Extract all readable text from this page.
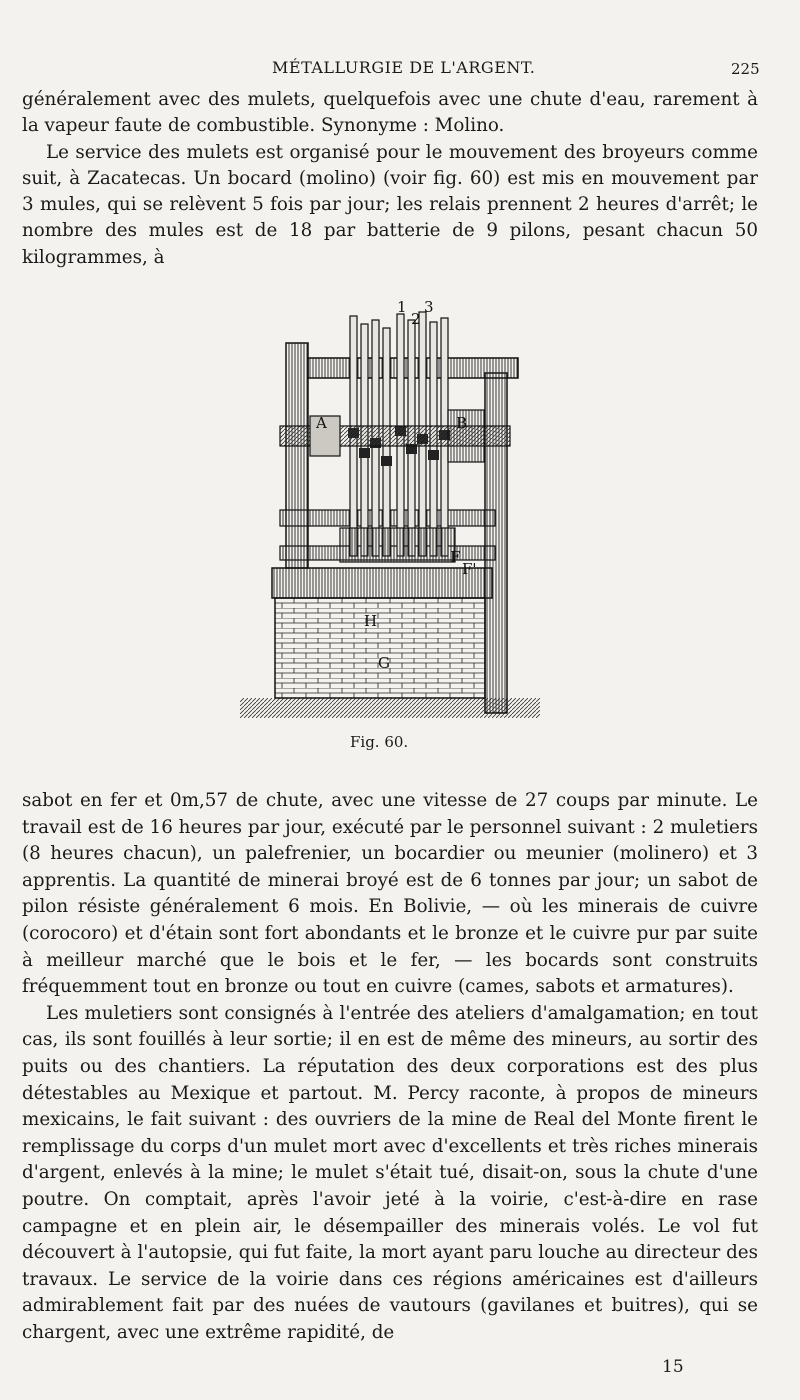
MÉTALLURGIE DE L'ARGENT.	225

généralement avec des mulets, quelquefois avec une chute d'eau, rarement à la vapeur faute de combustible. Synonyme : Molino.

Le service des mulets est organisé pour le mouvement des broyeurs comme suit, à Zacatecas. Un bocard (molino) (voir fig. 60) est mis en mouvement par 3 mules, qui se relèvent 5 fois par jour; les relais prennent 2 heures d'arrêt; le nombre des mules est de 18 par batterie de 9 pilons, pesant chacun 50 kilogrammes, à

1
2
3
A	B
F
F'
H
G
Fig. 60.

sabot en fer et 0m,57 de chute, avec une vitesse de 27 coups par minute. Le travail est de 16 heures par jour, exécuté par le personnel suivant : 2 muletiers (8 heures chacun), un palefrenier, un bocardier ou meunier (molinero) et 3 apprentis. La quantité de minerai broyé est de 6 tonnes par jour; un sabot de pilon résiste généralement 6 mois. En Bolivie, — où les minerais de cuivre (corocoro) et d'étain sont fort abondants et le bronze et le cuivre pur par suite à meilleur marché que le bois et le fer, — les bocards sont construits fréquemment tout en bronze ou tout en cuivre (cames, sabots et armatures).

Les muletiers sont consignés à l'entrée des ateliers d'amalgamation; en tout cas, ils sont fouillés à leur sortie; il en est de même des mineurs, au sortir des puits ou des chantiers. La réputation des deux corporations est des plus détestables au Mexique et partout. M. Percy raconte, à propos de mineurs mexicains, le fait suivant : des ouvriers de la mine de Real del Monte firent le remplissage du corps d'un mulet mort avec d'excellents et très riches minerais d'argent, enlevés à la mine; le mulet s'était tué, disait-on, sous la chute d'une poutre. On comptait, après l'avoir jeté à la voirie, c'est-à-dire en rase campagne et en plein air, le désempailler des minerais volés. Le vol fut découvert à l'autopsie, qui fut faite, la mort ayant paru louche au directeur des travaux. Le service de la voirie dans ces régions américaines est d'ailleurs admirablement fait par des nuées de vautours (gavilanes et buitres), qui se chargent, avec une extrême rapidité, de

15
